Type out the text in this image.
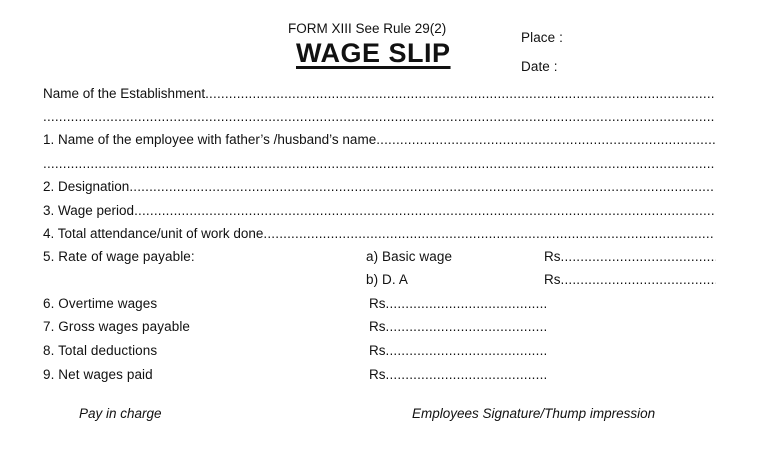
FORM XIII See Rule 29(2)
WAGE SLIP
Place :
Date :
Name of the Establishment
.....
.....
1. Name of the employee with father’s /husband’s name
.....
.....
2. Designation
.....
3. Wage period
.....
4. Total attendance/unit of work done
.....
5. Rate of wage payable:	a) Basic wage	Rs
.....
b) D. A	Rs
.....
6. Overtime wages	Rs
.....
7. Gross wages payable	Rs
.....
8. Total deductions	Rs
.....
9. Net wages paid	Rs
.....
Pay in charge	Employees Signature/Thump impression
